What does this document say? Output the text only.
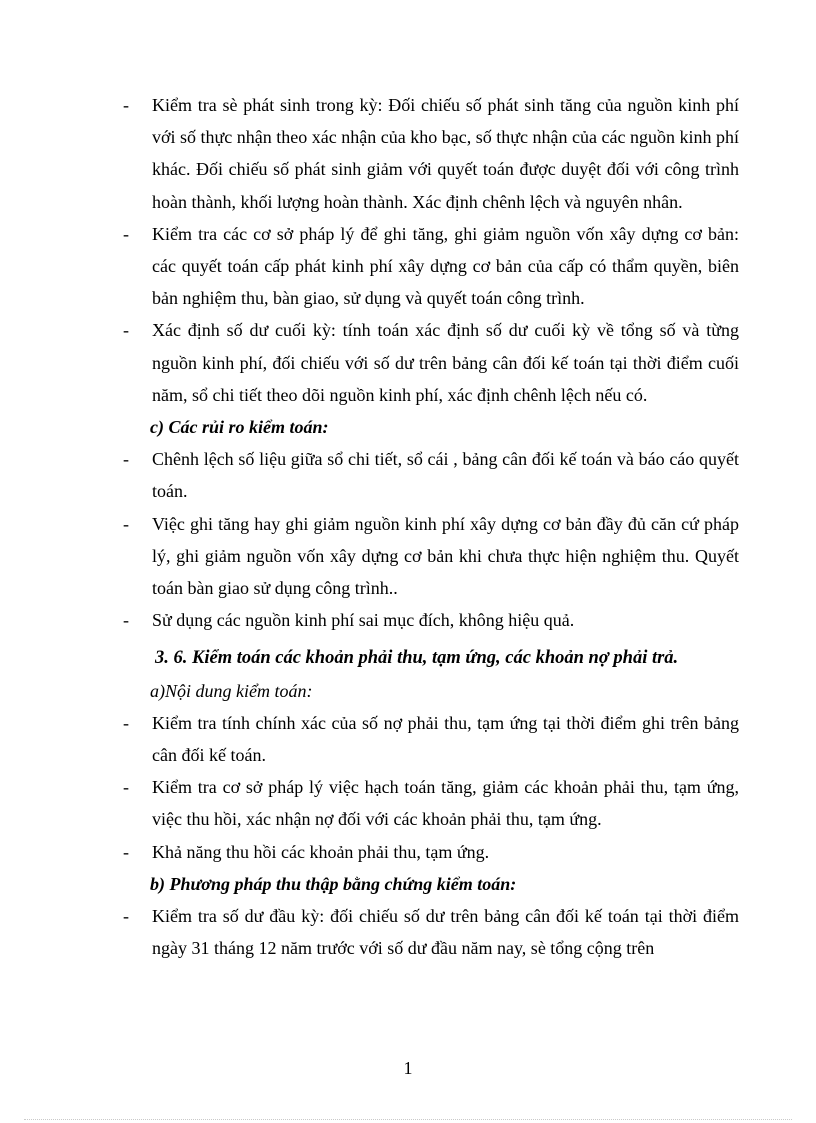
- Kiểm tra sè phát sinh trong kỳ: Đối chiếu số phát sinh tăng của nguồn kinh phí với số thực nhận theo xác nhận của kho bạc, số thực nhận của các nguồn kinh phí khác. Đối chiếu số phát sinh giảm với quyết toán được duyệt đối với công trình hoàn thành, khối lượng hoàn thành. Xác định chênh lệch và nguyên nhân.
- Kiểm tra các cơ sở pháp lý để ghi tăng, ghi giảm nguồn vốn xây dựng cơ bản: các quyết toán cấp phát kinh phí xây dựng cơ bản của cấp có thẩm quyền, biên bản nghiệm thu, bàn giao, sử dụng và quyết toán công trình.
- Xác định số dư cuối kỳ: tính toán xác định số dư cuối kỳ về tổng số và từng nguồn kinh phí, đối chiếu với số dư trên bảng cân đối kế toán tại thời điểm cuối năm, sổ chi tiết theo dõi nguồn kinh phí, xác định chênh lệch nếu có.
c) Các rủi ro kiểm toán:
- Chênh lệch số liệu giữa sổ chi tiết, sổ cái , bảng cân đối kế toán và báo cáo quyết toán.
- Việc ghi tăng hay ghi giảm nguồn kinh phí xây dựng cơ bản đầy đủ căn cứ pháp lý, ghi giảm nguồn vốn xây dựng cơ bản khi chưa thực hiện nghiệm thu. Quyết toán bàn giao sử dụng công trình..
- Sử dụng các nguồn kinh phí sai mục đích, không hiệu quả.
3. 6. Kiểm toán các khoản phải thu, tạm ứng, các khoản nợ phải trả.
a)Nội dung kiểm toán:
- Kiểm tra tính chính xác của số nợ phải thu, tạm ứng tại thời điểm ghi trên bảng cân đối kế toán.
- Kiểm tra cơ sở pháp lý việc hạch toán tăng, giảm các khoản phải thu, tạm ứng, việc thu hồi, xác nhận nợ đối với các khoản phải thu, tạm ứng.
- Khả năng thu hồi các khoản phải thu, tạm ứng.
b) Phương pháp thu thập bằng chứng kiểm toán:
- Kiểm tra số dư đầu kỳ: đối chiếu số dư trên bảng cân đối kế toán tại thời điểm ngày 31 tháng 12 năm trước với số dư đầu năm nay, sè tổng cộng trên
1
